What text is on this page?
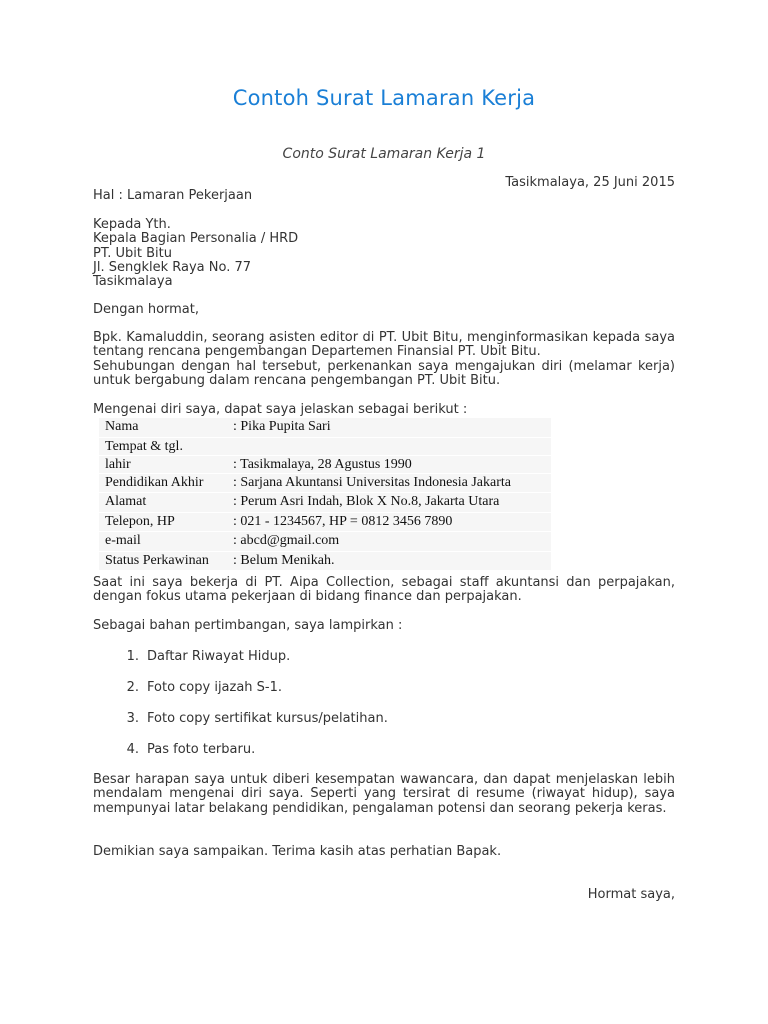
Contoh Surat Lamaran Kerja
Conto Surat Lamaran Kerja 1
Tasikmalaya, 25 Juni 2015

Hal : Lamaran Pekerjaan

Kepada Yth.

Kepala Bagian Personalia / HRD

PT. Ubit Bitu

Jl. Sengklek Raya No. 77

Tasikmalaya

Dengan hormat,

Bpk. Kamaluddin, seorang asisten editor di PT. Ubit Bitu, menginformasikan kepada saya tentang rencana pengembangan Departemen Finansial PT. Ubit Bitu.

Sehubungan dengan hal tersebut, perkenankan saya mengajukan diri (melamar kerja) untuk bergabung dalam rencana pengembangan PT. Ubit Bitu.

Mengenai diri saya, dapat saya jelaskan sebagai berikut :

Nama	: Pika Pupita Sari
Tempat & tgl.	
lahir	: Tasikmalaya, 28 Agustus 1990
Pendidikan Akhir	: Sarjana Akuntansi Universitas Indonesia Jakarta
Alamat	: Perum Asri Indah, Blok X No.8, Jakarta Utara
Telepon, HP	: 021 - 1234567, HP = 0812 3456 7890
e-mail	: abcd@gmail.com
Status Perkawinan	: Belum Menikah.

Saat ini saya bekerja di PT. Aipa Collection, sebagai staff akuntansi dan perpajakan, dengan fokus utama pekerjaan di bidang finance dan perpajakan.

Sebagai bahan pertimbangan, saya lampirkan :

1. Daftar Riwayat Hidup.
2. Foto copy ijazah S-1.
3. Foto copy sertifikat kursus/pelatihan.
4. Pas foto terbaru.

Besar harapan saya untuk diberi kesempatan wawancara, dan dapat menjelaskan lebih mendalam mengenai diri saya. Seperti yang tersirat di resume (riwayat hidup), saya mempunyai latar belakang pendidikan, pengalaman potensi dan seorang pekerja keras.

Demikian saya sampaikan. Terima kasih atas perhatian Bapak.

Hormat saya,
